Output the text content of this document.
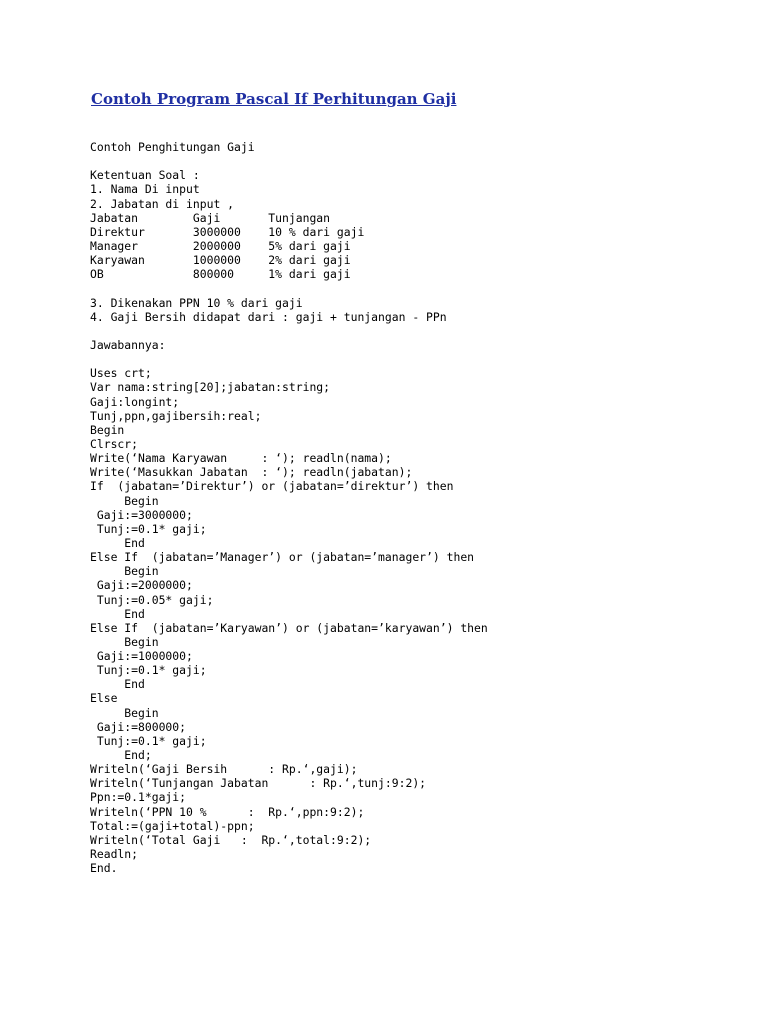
Contoh Program Pascal If Perhitungan Gaji
Contoh Penghitungan Gaji
Ketentuan Soal :
1. Nama Di input
2. Jabatan di input ,
Jabatan        Gaji       Tunjangan
Direktur       3000000    10 % dari gaji
Manager        2000000    5% dari gaji
Karyawan       1000000    2% dari gaji
OB             800000     1% dari gaji
3. Dikenakan PPN 10 % dari gaji
4. Gaji Bersih didapat dari : gaji + tunjangan - PPn
Jawabannya:
Uses crt;
Var nama:string[20];jabatan:string;
Gaji:longint;
Tunj,ppn,gajibersih:real;
Begin
Clrscr;
Write(‘Nama Karyawan     : ‘); readln(nama);
Write(‘Masukkan Jabatan  : ‘); readln(jabatan);
If  (jabatan=’Direktur’) or (jabatan=’direktur’) then
Begin
Gaji:=3000000;
Tunj:=0.1* gaji;
End
Else If  (jabatan=’Manager’) or (jabatan=’manager’) then
Begin
Gaji:=2000000;
Tunj:=0.05* gaji;
End
Else If  (jabatan=’Karyawan’) or (jabatan=’karyawan’) then
Begin
Gaji:=1000000;
Tunj:=0.1* gaji;
End
Else
Begin
Gaji:=800000;
Tunj:=0.1* gaji;
End;
Writeln(‘Gaji Bersih      : Rp.‘,gaji);
Writeln(‘Tunjangan Jabatan      : Rp.‘,tunj:9:2);
Ppn:=0.1*gaji;
Writeln(‘PPN 10 %      :  Rp.‘,ppn:9:2);
Total:=(gaji+total)-ppn;
Writeln(‘Total Gaji   :  Rp.‘,total:9:2);
Readln;
End.
